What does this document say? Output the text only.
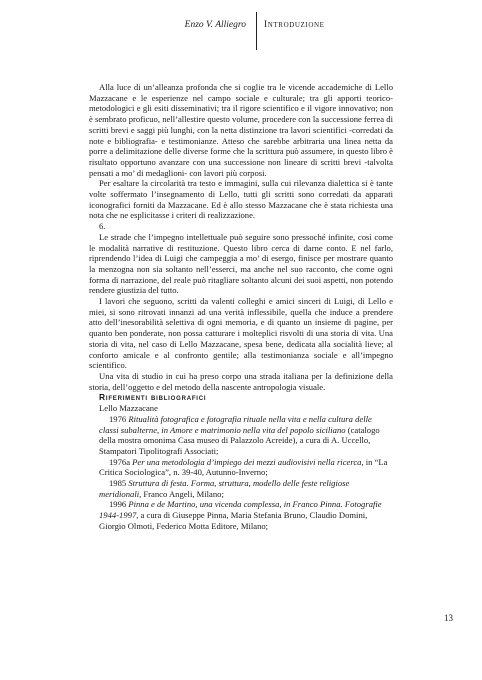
Enzo V. Alliegro Introduzione

Alla luce di un’alleanza profonda che si coglie tra le vicende accademiche di Lello Mazzacane e le esperienze nel campo sociale e culturale; tra gli apporti teorico-metodologici e gli esiti disseminativi; tra il rigore scientifico e il vigore innovativo; non è sembrato proficuo, nell’allestire questo volume, procedere con la successione ferrea di scritti brevi e saggi più lunghi, con la netta distinzione tra lavori scientifici -corredati da note e bibliografia- e testimonianze. Atteso che sarebbe arbitraria una linea netta da porre a delimitazione delle diverse forme che la scrittura può assumere, in questo libro è risultato opportuno avanzare con una successione non lineare di scritti brevi -talvolta pensati a mo’ di medaglioni- con lavori più corposi.

Per esaltare la circolarità tra testo e immagini, sulla cui rilevanza dialettica si è tante volte soffermato l’insegnamento di Lello, tutti gli scritti sono corredati da apparati iconografici forniti da Mazzacane. Ed è allo stesso Mazzacane che è stata richiesta una nota che ne esplicitasse i criteri di realizzazione.

6.

Le strade che l’impegno intellettuale può seguire sono pressoché infinite, così come le modalità narrative di restituzione. Questo libro cerca di darne conto. E nel farlo, riprendendo l’idea di Luigi che campeggia a mo’ di esergo, finisce per mostrare quanto la menzogna non sia soltanto nell’esserci, ma anche nel suo racconto, che come ogni forma di narrazione, del reale può ritagliare soltanto alcuni dei suoi aspetti, non potendo rendere giustizia del tutto.

I lavori che seguono, scritti da valenti colleghi e amici sinceri di Luigi, di Lello e miei, si sono ritrovati innanzi ad una verità inflessibile, quella che induce a prendere atto dell’inesorabilità selettiva di ogni memoria, e di quanto un insieme di pagine, per quanto ben ponderate, non possa catturare i molteplici risvolti di una storia di vita. Una storia di vita, nel caso di Lello Mazzacane, spesa bene, dedicata alla socialità lieve; al conforto amicale e al confronto gentile; alla testimonianza sociale e all’impegno scientifico.

Una vita di studio in cui ha preso corpo una strada italiana per la definizione della storia, dell’oggetto e del metodo della nascente antropologia visuale.

Riferimenti bibliografici

Lello Mazzacane

1976 Ritualità fotografica e fotografia rituale nella vita e nella cultura delle classi subalterne, in Amore e matrimonio nella vita del popolo siciliano (catalogo della mostra omonima Casa museo di Palazzolo Acreide), a cura di A. Uccello, Stampatori Tipolitografi Associati;

1976a Per una metodologia d’impiego dei mezzi audiovisivi nella ricerca, in “La Critica Sociologica”, n. 39-40, Autunno-Inverno;

1985 Struttura di festa. Forma, struttura, modello delle feste religiose meridionali, Franco Angeli, Milano;

1996 Pinna e de Martino, una vicenda complessa, in Franco Pinna. Fotografie 1944-1997, a cura di Giuseppe Pinna, Maria Stefania Bruno, Claudio Domini, Giorgio Olmoti, Federico Motta Editore, Milano;

13
